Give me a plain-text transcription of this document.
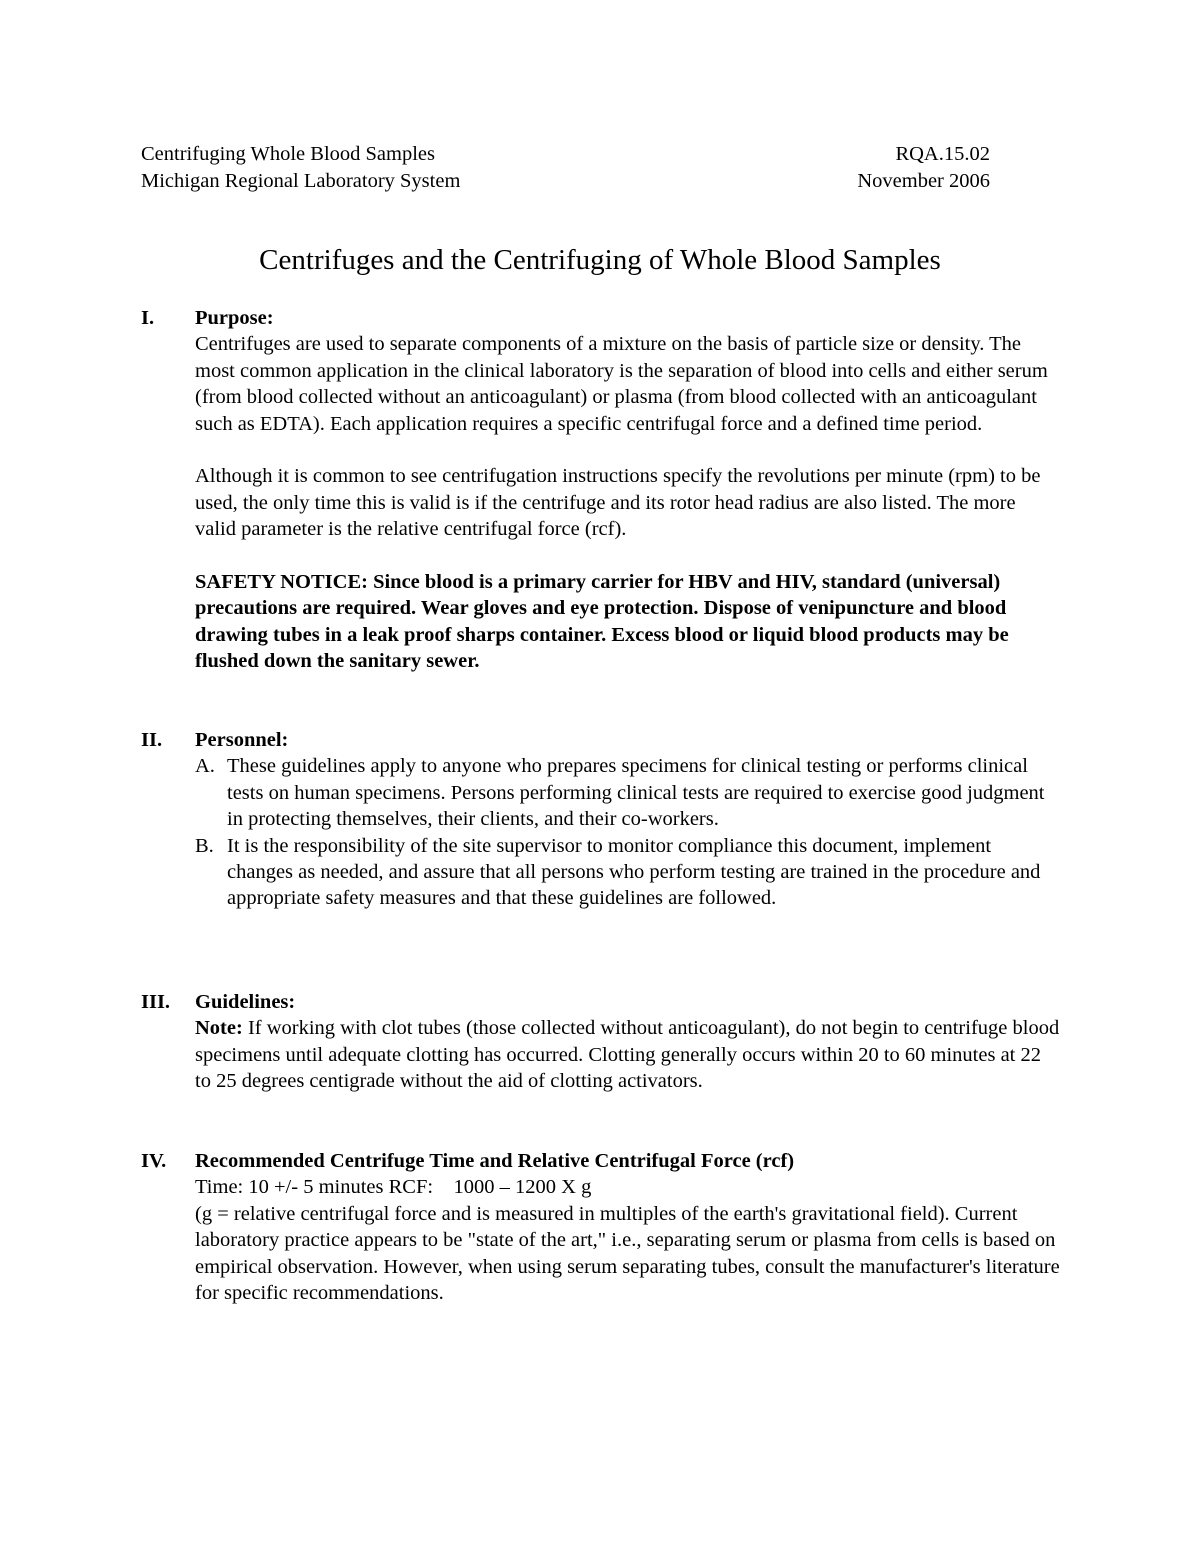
Centrifuging Whole Blood Samples	RQA.15.02
Michigan Regional Laboratory System	November 2006
Centrifuges and the Centrifuging of Whole Blood Samples
I.	Purpose:

Centrifuges are used to separate components of a mixture on the basis of particle size or density. The most common application in the clinical laboratory is the separation of blood into cells and either serum (from blood collected without an anticoagulant) or plasma (from blood collected with an anticoagulant such as EDTA). Each application requires a specific centrifugal force and a defined time period.

Although it is common to see centrifugation instructions specify the revolutions per minute (rpm) to be used, the only time this is valid is if the centrifuge and its rotor head radius are also listed. The more valid parameter is the relative centrifugal force (rcf).

SAFETY NOTICE: Since blood is a primary carrier for HBV and HIV, standard (universal) precautions are required. Wear gloves and eye protection. Dispose of venipuncture and blood drawing tubes in a leak proof sharps container. Excess blood or liquid blood products may be flushed down the sanitary sewer.

II.	Personnel:
A. These guidelines apply to anyone who prepares specimens for clinical testing or performs clinical tests on human specimens. Persons performing clinical tests are required to exercise good judgment in protecting themselves, their clients, and their co-workers.
B. It is the responsibility of the site supervisor to monitor compliance this document, implement changes as needed, and assure that all persons who perform testing are trained in the procedure and appropriate safety measures and that these guidelines are followed.
III.	Guidelines:

Note: If working with clot tubes (those collected without anticoagulant), do not begin to centrifuge blood specimens until adequate clotting has occurred. Clotting generally occurs within 20 to 60 minutes at 22 to 25 degrees centigrade without the aid of clotting activators.

IV.	Recommended Centrifuge Time and Relative Centrifugal Force (rcf)

Time: 10 +/- 5 minutes RCF:    1000 – 1200 X g

(g = relative centrifugal force and is measured in multiples of the earth's gravitational field). Current laboratory practice appears to be "state of the art," i.e., separating serum or plasma from cells is based on empirical observation. However, when using serum separating tubes, consult the manufacturer's literature for specific recommendations.
